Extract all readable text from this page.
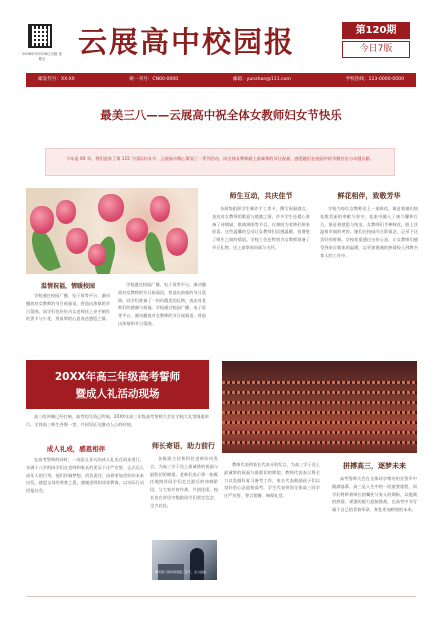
2008年03月08日出版 星期五	云展高中校园报	第120期
今日7版
邮发代号：XX-XX	统一刊号：CN00-0000	邮箱：yunzhan@111.com	学校热线：123-0000-0000
最美三八——云展高中祝全体女教师妇女节快乐
今年是 XX 年，我们迎来了第 115 个国际妇女节，云展高中精心策划了一系列活动，向全体女教师献上最诚挚的节日祝福，感恩她们在校园中的辛勤付出与卓越贡献。
温情祝福，情暖校园
学校通过校园广播、电子屏等平台，滚动播放对女教师的节日祝福语，营造出浓郁的节日氛围。同学们也纷纷为女老师送上亲手制作的贺卡与小花，用真挚的心意表达感恩之情。
学校通过校园广播、电子屏等平台，滚动播放对女教师的节日祝福语，营造出浓郁的节日氛围。同学们准备了一份份精美的礼物，表达对老师们的感谢与祝福。学校通过校园广播、电子屏等平台，滚动播放对女教师的节日祝福语，营造出浓郁的节日氛围。
师生互动，共庆佳节
各班级组织学生制作手工贺卡，撰写祝福感言，表达对女教师的敬意与感激之情。许多学生还精心准备了诗朗诵、歌曲演唱等节目，在课间为老师们带来惊喜。这些温馨的互动让女教师们倍感温暖，也增进了师生之间的情谊。学校工会还特别为女教师准备了节日礼物，送上真挚的问候与关怀。
鲜花相伴，致敬芳华
学校为每位女教师送上一束鲜花，寓意着她们如花般美丽的奉献与坚守。花束中融入了康乃馨和百合，象征着感恩与纯洁。女教师们手捧鲜花，脸上洋溢着幸福的笑容。她们在校园内合影留念，记录下这美好的时刻。学校希望通过这份心意，让女教师们感受到来自集体的温暖，以更加饱满的热情投入到教书育人的工作中。
20XX年高三年级高考誓师
暨成人礼活动现场
高三的冲刺已经打响，高考的号角已吹响。20XX年高三年级高考誓师大会在学校大礼堂隆重举行，全体高三师生齐聚一堂，共同见证这激动人心的时刻。
成人礼成，感恩相伴
在高考誓师的同时，一场意义非凡的成人礼也在同步进行。年满十八岁的同学们在老师和家长的见证下庄严宣誓，正式迈入成年人的行列。他们怀揣梦想，肩负责任，向着更加美好的未来出发。感恩父母的养育之恩，感谢老师的谆谆教诲，以实际行动回报社会。
师长寄语，助力前行
各班班主任和科任老师纷纷发言，为高三学子送上最诚挚的祝福与最殷切的期望。老师们表示将一如既往地陪伴同学们走过最后的冲刺阶段，与大家并肩作战、共创佳绩。校长也在讲话中勉励同学们坚定信念、全力以赴。
教育部门领导寄语高三学子，全力备战
教师代表和家长代表分别发言，为高三学子送上最诚挚的祝福与最殷切的期望。教师代表表示将全力以赴做好复习备考工作，家长代表鼓励孩子们以良好的心态迎接高考。学生代表带领全体高三同学庄严宣誓，誓言铿锵，响彻礼堂。
拼搏高三，逐梦未来
高考誓师大会在全体同学嘹亮的宣誓声中圆满落幕。高三是人生中的一段重要旅程，同学们将带着师长的嘱托与家人的期盼，以饱满的热情、顽强的毅力迎接挑战，在高考中书写属于自己的青春华章，奔赴更加辉煌的未来。
